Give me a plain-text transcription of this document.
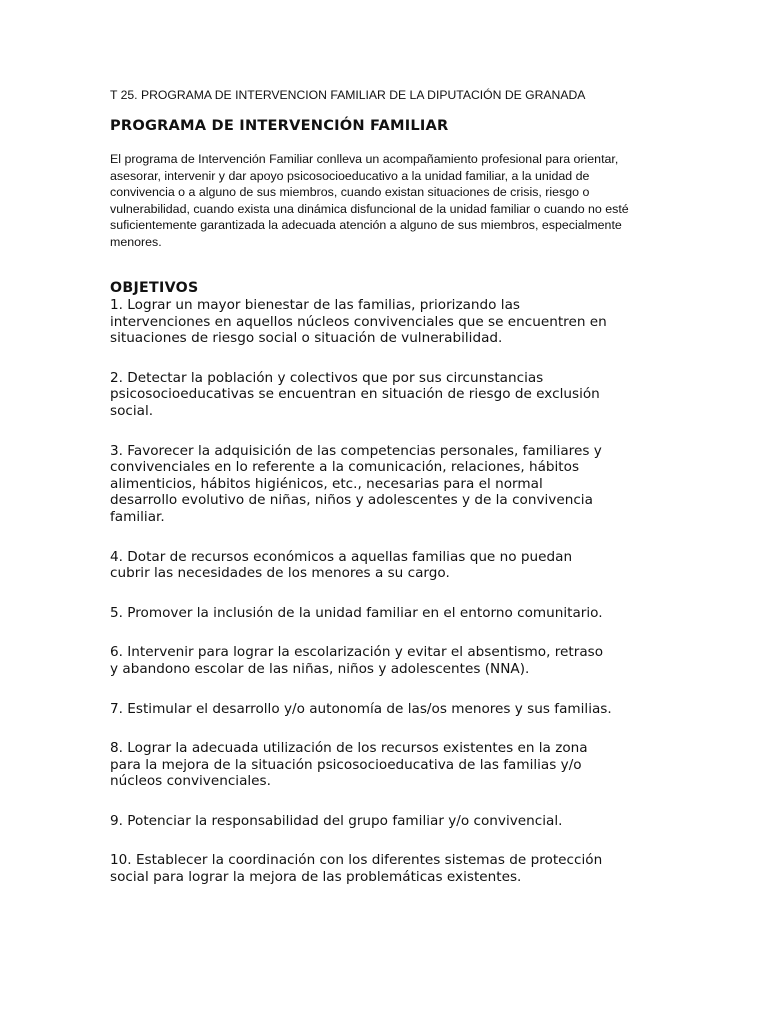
T 25. PROGRAMA DE INTERVENCION FAMILIAR DE LA DIPUTACIÓN DE GRANADA
PROGRAMA DE INTERVENCIÓN FAMILIAR
El programa de Intervención Familiar conlleva un acompañamiento profesional para orientar,
asesorar, intervenir y dar apoyo psicosocioeducativo a la unidad familiar, a la unidad de
convivencia o a alguno de sus miembros, cuando existan situaciones de crisis, riesgo o
vulnerabilidad, cuando exista una dinámica disfuncional de la unidad familiar o cuando no esté
suficientemente garantizada la adecuada atención a alguno de sus miembros, especialmente
menores.
OBJETIVOS
1. Lograr un mayor bienestar de las familias, priorizando las
intervenciones en aquellos núcleos convivenciales que se encuentren en
situaciones de riesgo social o situación de vulnerabilidad.
2. Detectar la población y colectivos que por sus circunstancias
psicosocioeducativas se encuentran en situación de riesgo de exclusión
social.
3. Favorecer la adquisición de las competencias personales, familiares y
convivenciales en lo referente a la comunicación, relaciones, hábitos
alimenticios, hábitos higiénicos, etc., necesarias para el normal
desarrollo evolutivo de niñas, niños y adolescentes y de la convivencia
familiar.
4. Dotar de recursos económicos a aquellas familias que no puedan
cubrir las necesidades de los menores a su cargo.
5. Promover la inclusión de la unidad familiar en el entorno comunitario.
6. Intervenir para lograr la escolarización y evitar el absentismo, retraso
y abandono escolar de las niñas, niños y adolescentes (NNA).
7. Estimular el desarrollo y/o autonomía de las/os menores y sus familias.
8. Lograr la adecuada utilización de los recursos existentes en la zona
para la mejora de la situación psicosocioeducativa de las familias y/o
núcleos convivenciales.
9. Potenciar la responsabilidad del grupo familiar y/o convivencial.
10. Establecer la coordinación con los diferentes sistemas de protección
social para lograr la mejora de las problemáticas existentes.
